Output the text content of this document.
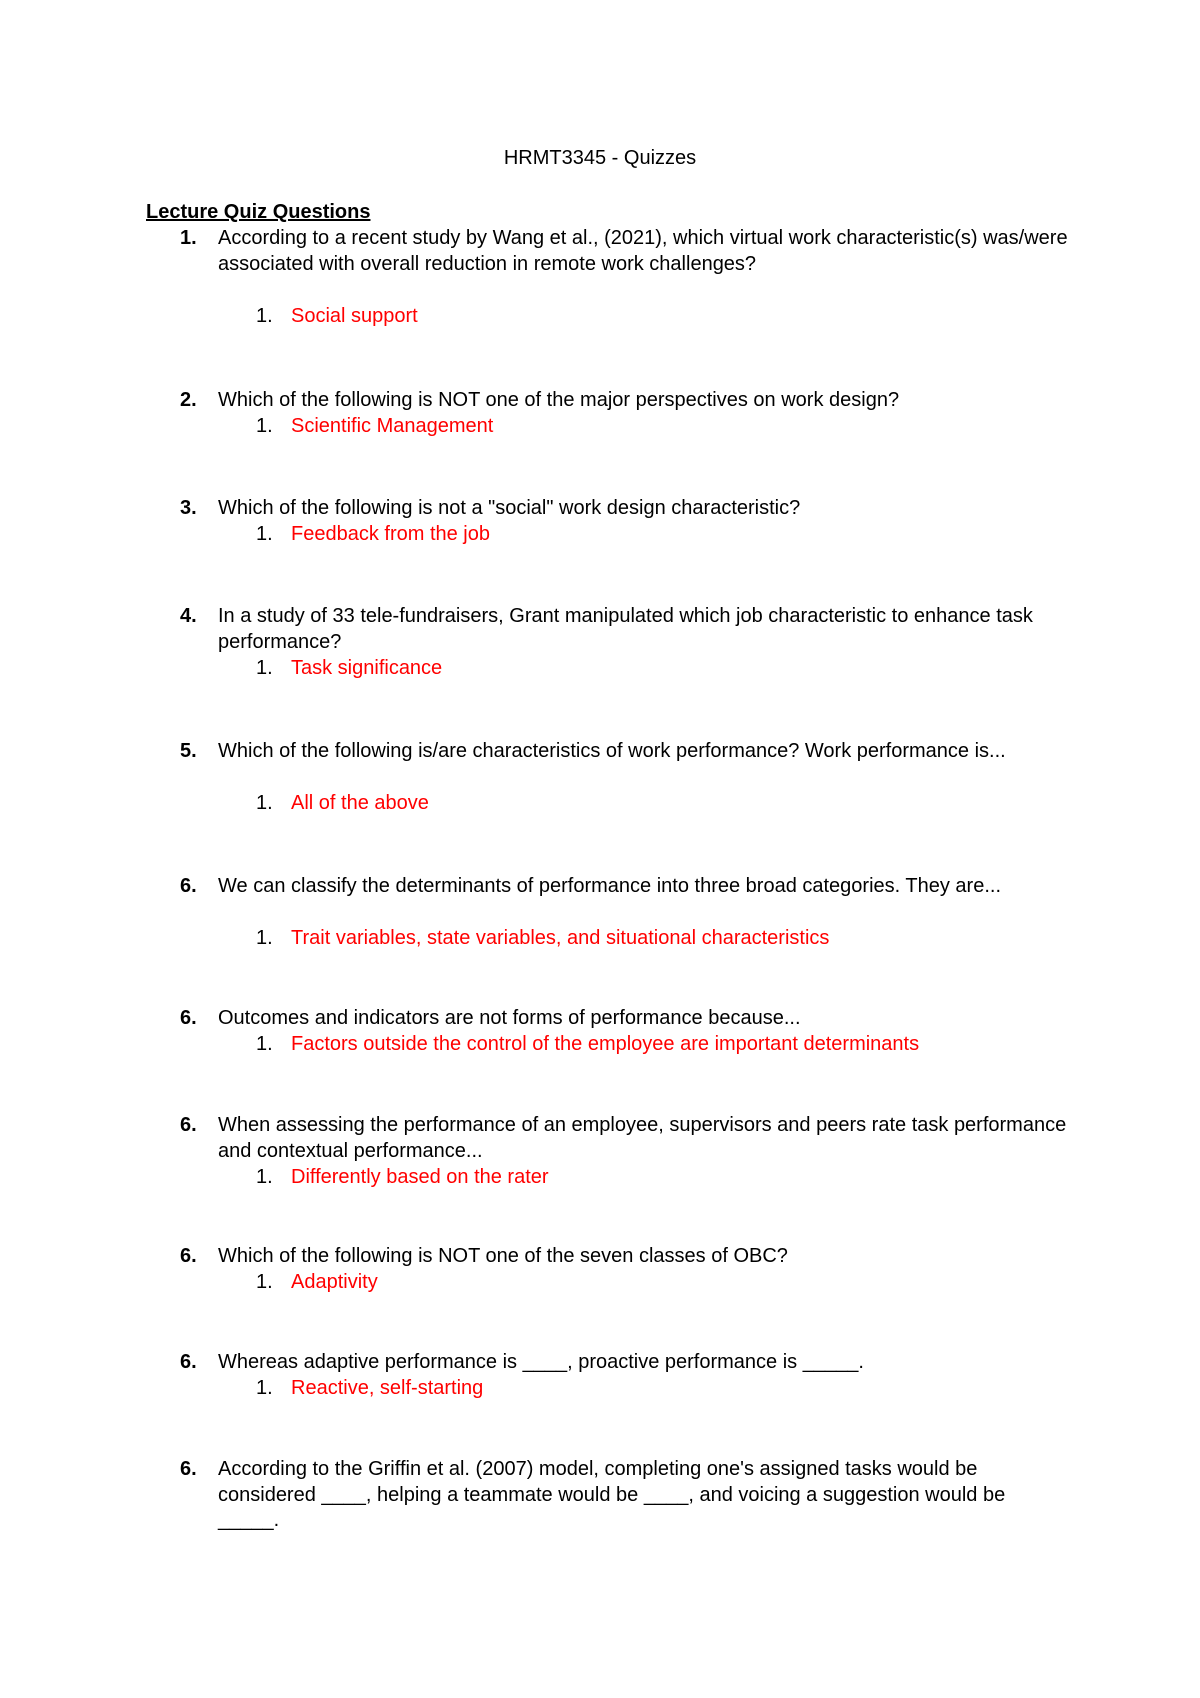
HRMT3345 - Quizzes
Lecture Quiz Questions
1. According to a recent study by Wang et al., (2021), which virtual work characteristic(s) was/were associated with overall reduction in remote work challenges?
1. Social support
2. Which of the following is NOT one of the major perspectives on work design?
1. Scientific Management
3. Which of the following is not a "social" work design characteristic?
1. Feedback from the job
4. In a study of 33 tele-fundraisers, Grant manipulated which job characteristic to enhance task performance?
1. Task significance
5. Which of the following is/are characteristics of work performance? Work performance is...
1. All of the above
6. We can classify the determinants of performance into three broad categories. They are...
1. Trait variables, state variables, and situational characteristics
6. Outcomes and indicators are not forms of performance because...
1. Factors outside the control of the employee are important determinants
6. When assessing the performance of an employee, supervisors and peers rate task performance and contextual performance...
1. Differently based on the rater
6. Which of the following is NOT one of the seven classes of OBC?
1. Adaptivity
6. Whereas adaptive performance is ____, proactive performance is _____.
1. Reactive, self-starting
6. According to the Griffin et al. (2007) model, completing one's assigned tasks would be considered ____, helping a teammate would be ____, and voicing a suggestion would be _____.
